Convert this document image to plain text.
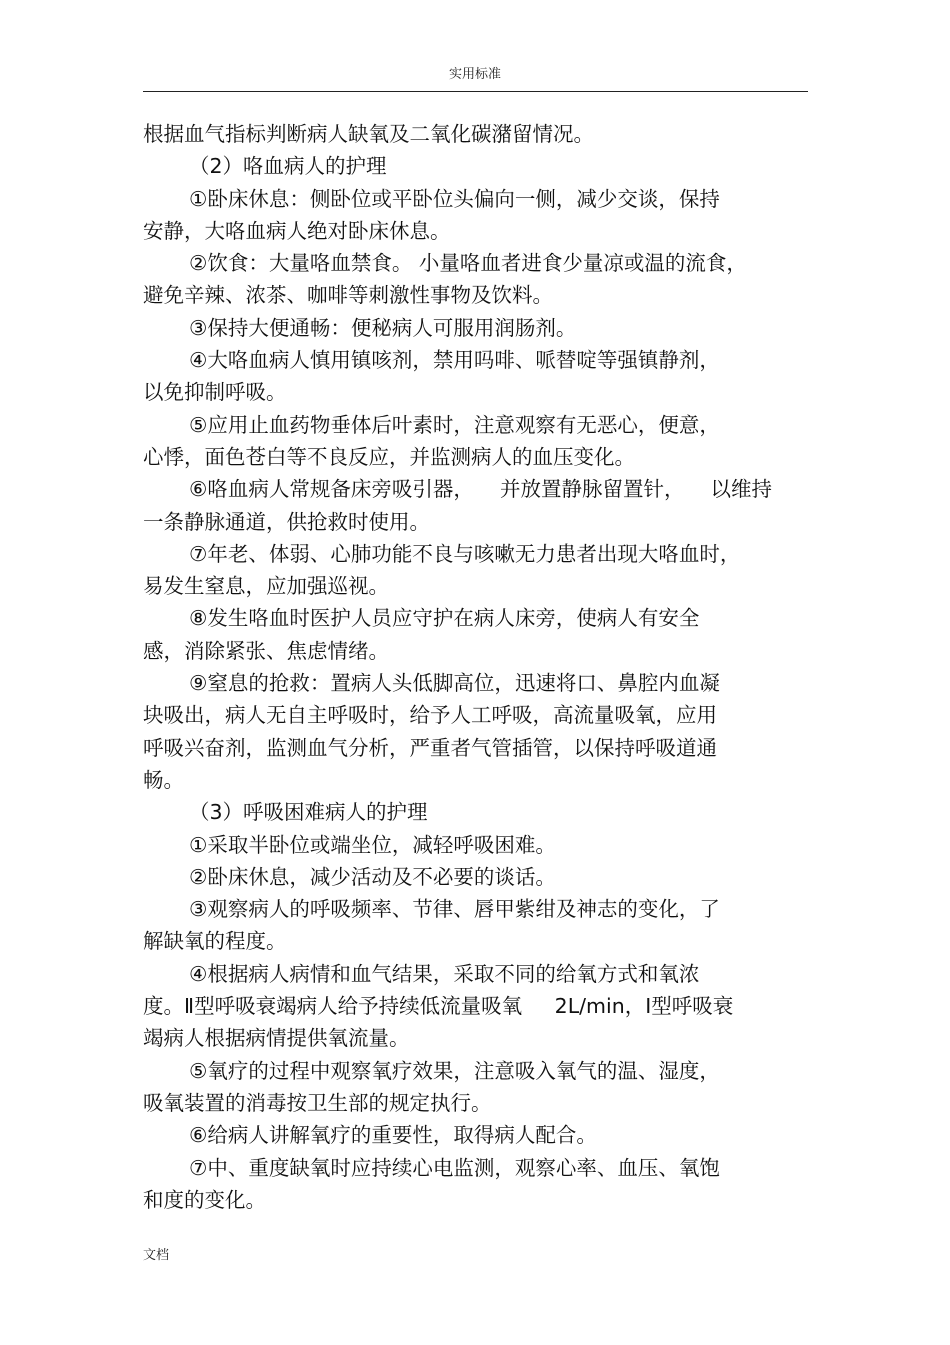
实用标准
根据血气指标判断病人缺氧及二氧化碳潴留情况。
（2）咯血病人的护理
①卧床休息：侧卧位或平卧位头偏向一侧，减少交谈，保持
安静，大咯血病人绝对卧床休息。
②饮食：大量咯血禁食。 小量咯血者进食少量凉或温的流食，
避免辛辣、浓茶、咖啡等刺激性事物及饮料。
③保持大便通畅：便秘病人可服用润肠剂。
④大咯血病人慎用镇咳剂，禁用吗啡、哌替啶等强镇静剂，
以免抑制呼吸。
⑤应用止血药物垂体后叶素时，注意观察有无恶心，便意，
心悸，面色苍白等不良反应，并监测病人的血压变化。
⑥咯血病人常规备床旁吸引器，    并放置静脉留置针，    以维持
一条静脉通道，供抢救时使用。
⑦年老、体弱、心肺功能不良与咳嗽无力患者出现大咯血时，
易发生窒息，应加强巡视。
⑧发生咯血时医护人员应守护在病人床旁，使病人有安全
感，消除紧张、焦虑情绪。
⑨窒息的抢救：置病人头低脚高位，迅速将口、鼻腔内血凝
块吸出，病人无自主呼吸时，给予人工呼吸，高流量吸氧，应用
呼吸兴奋剂，监测血气分析，严重者气管插管，以保持呼吸道通
畅。
（3）呼吸困难病人的护理
①采取半卧位或端坐位，减轻呼吸困难。
②卧床休息，减少活动及不必要的谈话。
③观察病人的呼吸频率、节律、唇甲紫绀及神志的变化，了
解缺氧的程度。
④根据病人病情和血气结果，采取不同的给氧方式和氧浓
度。Ⅱ型呼吸衰竭病人给予持续低流量吸氧     2L/min，Ⅰ型呼吸衰
竭病人根据病情提供氧流量。
⑤氧疗的过程中观察氧疗效果，注意吸入氧气的温、湿度，
吸氧装置的消毒按卫生部的规定执行。
⑥给病人讲解氧疗的重要性，取得病人配合。
⑦中、重度缺氧时应持续心电监测，观察心率、血压、氧饱
和度的变化。
文档
